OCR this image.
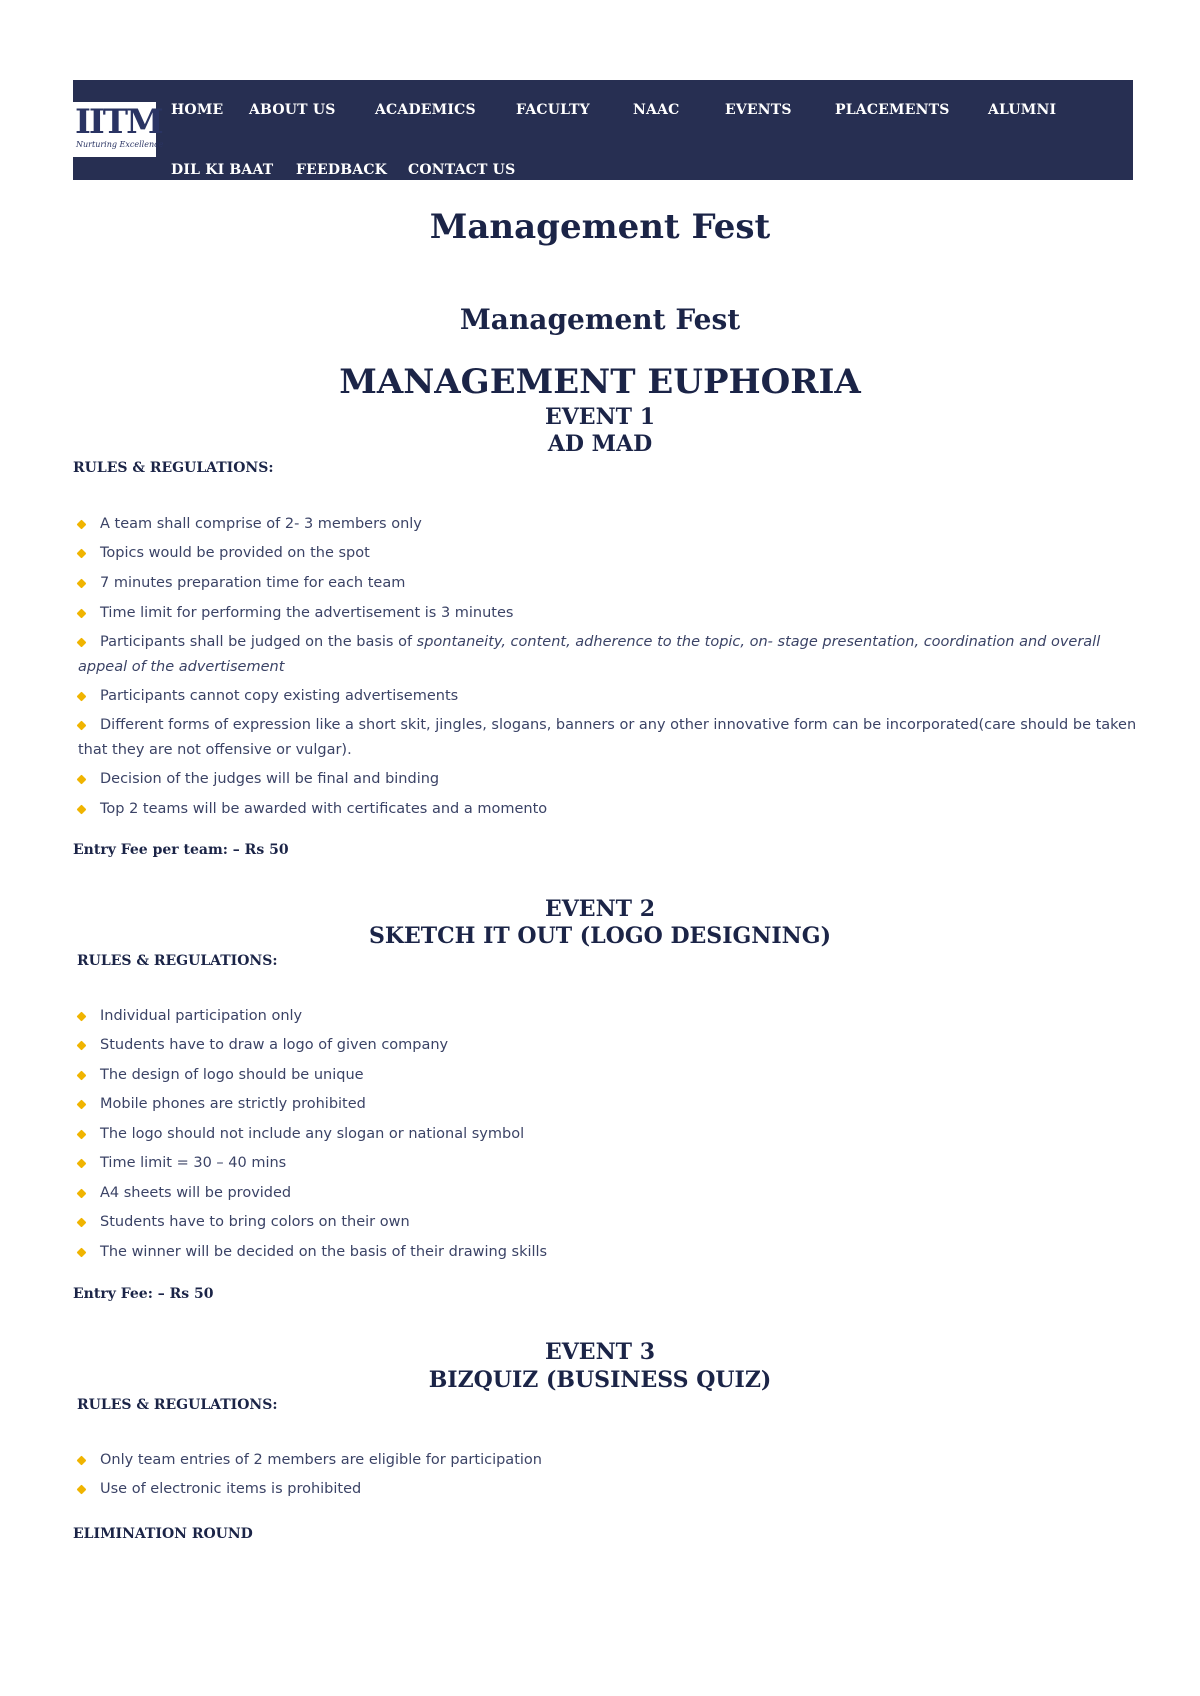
IITM
Nurturing Excellence
HOME ABOUT US	ACADEMICS	FACULTY	NAAC	EVENTS	PLACEMENTS	ALUMNI
DIL KI BAAT FEEDBACK CONTACT US
Management Fest
Management Fest
MANAGEMENT EUPHORIA
EVENT 1
AD MAD
RULES & REGULATIONS:
A team shall comprise of 2- 3 members only
Topics would be provided on the spot
7 minutes preparation time for each team
Time limit for performing the advertisement is 3 minutes
Participants shall be judged on the basis of spontaneity, content, adherence to the topic, on- stage presentation, coordination and overall appeal of the advertisement
Participants cannot copy existing advertisements
Different forms of expression like a short skit, jingles, slogans, banners or any other innovative form can be incorporated(care should be taken that they are not offensive or vulgar).
Decision of the judges will be final and binding
Top 2 teams will be awarded with certificates and a momento
Entry Fee per team: – Rs 50
EVENT 2
SKETCH IT OUT (LOGO DESIGNING)
RULES & REGULATIONS:
Individual participation only
Students have to draw a logo of given company
The design of logo should be unique
Mobile phones are strictly prohibited
The logo should not include any slogan or national symbol
Time limit = 30 – 40 mins
A4 sheets will be provided
Students have to bring colors on their own
The winner will be decided on the basis of their drawing skills
Entry Fee: – Rs 50
EVENT 3
BIZQUIZ (BUSINESS QUIZ)
RULES & REGULATIONS:
Only team entries of 2 members are eligible for participation
Use of electronic items is prohibited
ELIMINATION ROUND
